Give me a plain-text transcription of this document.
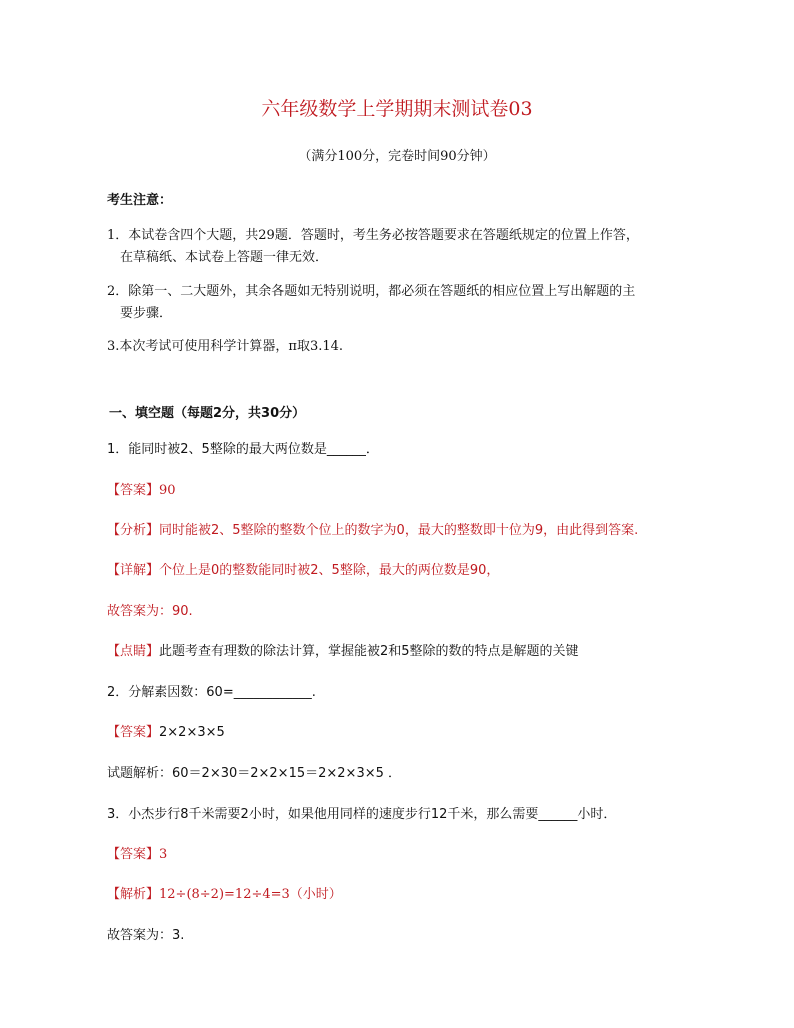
六年级数学上学期期末测试卷03
（满分100分，完卷时间90分钟）
考生注意：
1．本试卷含四个大题，共29题．答题时，考生务必按答题要求在答题纸规定的位置上作答，
在草稿纸、本试卷上答题一律无效．
2．除第一、二大题外，其余各题如无特别说明，都必须在答题纸的相应位置上写出解题的主
要步骤．
3.本次考试可使用科学计算器，π取3.14.
一、填空题（每题2分，共30分）
1．能同时被2、5整除的最大两位数是______．
【答案】90
【分析】同时能被2、5整除的整数个位上的数字为0，最大的整数即十位为9，由此得到答案.
【详解】个位上是0的整数能同时被2、5整除，最大的两位数是90，
故答案为：90.
【点睛】此题考查有理数的除法计算，掌握能被2和5整除的数的特点是解题的关键
2．分解素因数：60=____________.
【答案】2×2×3×5
试题解析：60＝2×30＝2×2×15＝2×2×3×5 ．
3．小杰步行8千米需要2小时，如果他用同样的速度步行12千米，那么需要______小时．
【答案】3
【解析】12÷(8÷2)=12÷4=3（小时）
故答案为：3.
